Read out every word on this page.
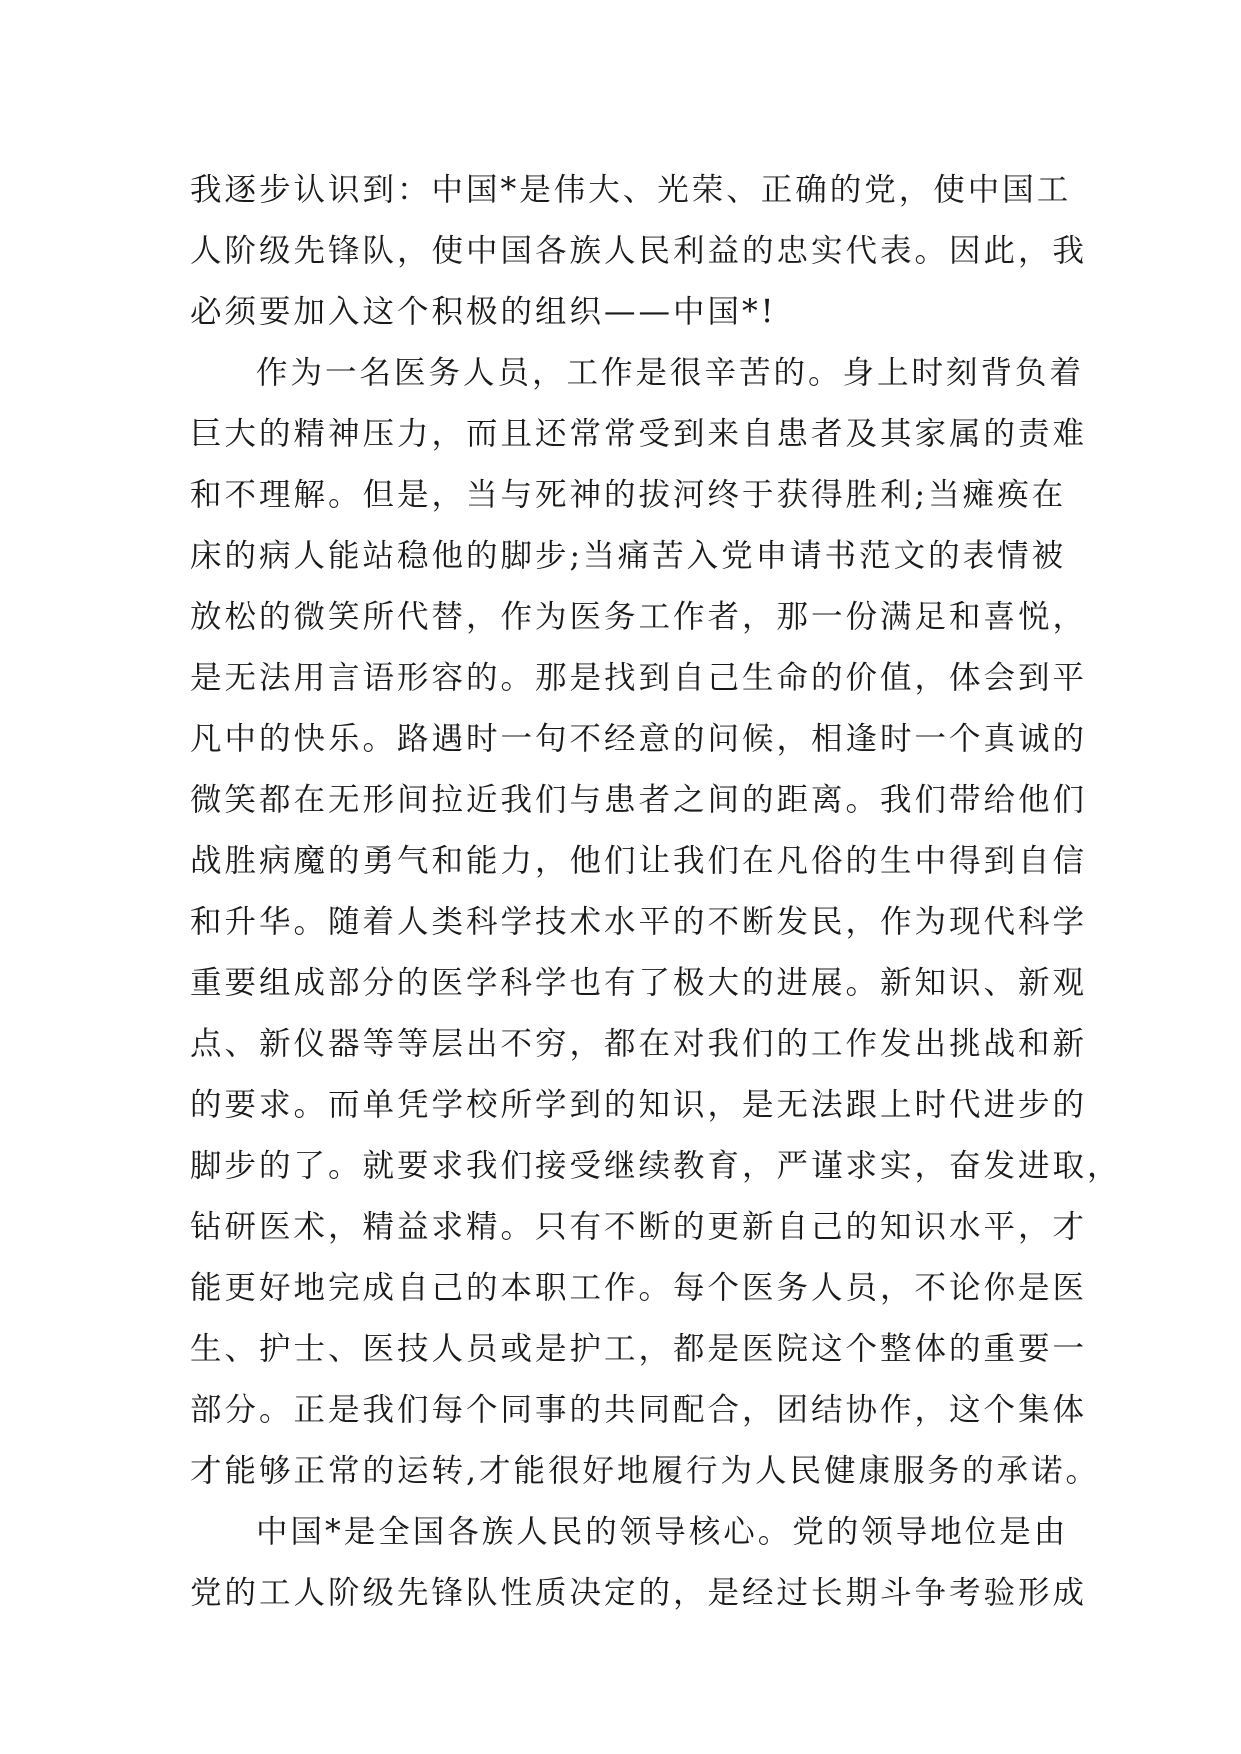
我逐步认识到：中国*是伟大、光荣、正确的党，使中国工
人阶级先锋队，使中国各族人民利益的忠实代表。因此，我
必须要加入这个积极的组织——中国*!
作为一名医务人员，工作是很辛苦的。身上时刻背负着
巨大的精神压力，而且还常常受到来自患者及其家属的责难
和不理解。但是，当与死神的拔河终于获得胜利;当瘫痪在
床的病人能站稳他的脚步;当痛苦入党申请书范文的表情被
放松的微笑所代替，作为医务工作者，那一份满足和喜悦，
是无法用言语形容的。那是找到自己生命的价值，体会到平
凡中的快乐。路遇时一句不经意的问候，相逢时一个真诚的
微笑都在无形间拉近我们与患者之间的距离。我们带给他们
战胜病魔的勇气和能力，他们让我们在凡俗的生中得到自信
和升华。随着人类科学技术水平的不断发民，作为现代科学
重要组成部分的医学科学也有了极大的进展。新知识、新观
点、新仪器等等层出不穷，都在对我们的工作发出挑战和新
的要求。而单凭学校所学到的知识，是无法跟上时代进步的
脚步的了。就要求我们接受继续教育，严谨求实，奋发进取，
钻研医术，精益求精。只有不断的更新自己的知识水平，才
能更好地完成自己的本职工作。每个医务人员，不论你是医
生、护士、医技人员或是护工，都是医院这个整体的重要一
部分。正是我们每个同事的共同配合，团结协作，这个集体
才能够正常的运转,才能很好地履行为人民健康服务的承诺。
中国*是全国各族人民的领导核心。党的领导地位是由
党的工人阶级先锋队性质决定的，是经过长期斗争考验形成
